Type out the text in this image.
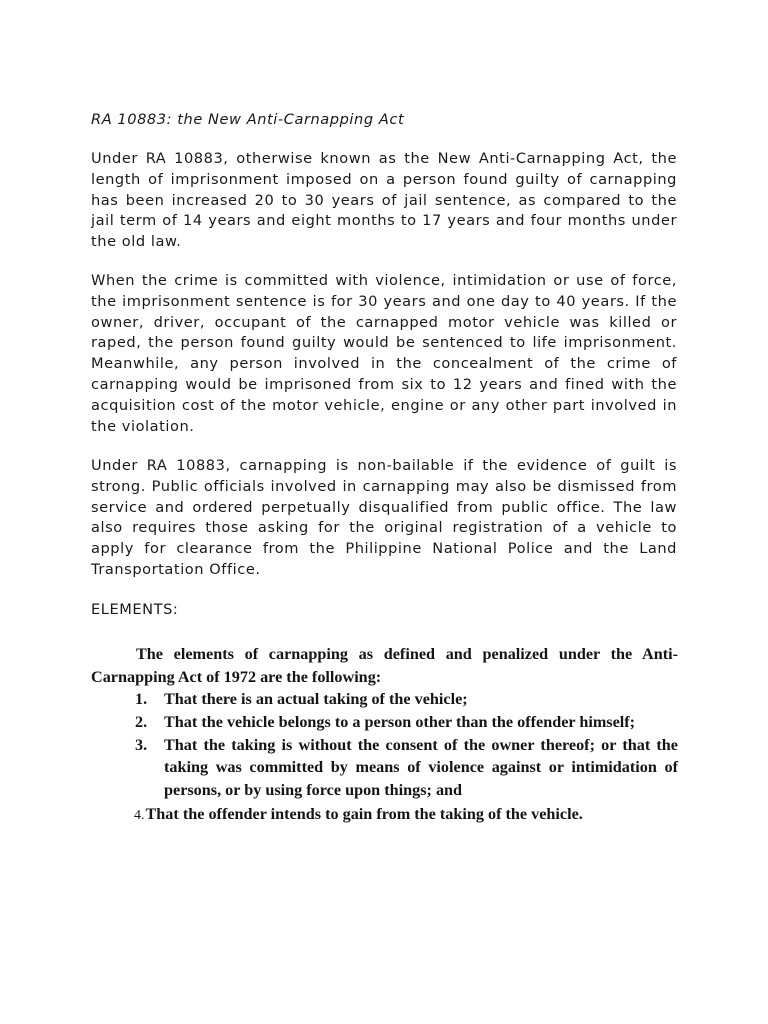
RA 10883: the New Anti-Carnapping Act

Under RA 10883, otherwise known as the New Anti-Carnapping Act, the length of imprisonment imposed on a person found guilty of carnapping has been increased 20 to 30 years of jail sentence, as compared to the jail term of 14 years and eight months to 17 years and four months under the old law.

When the crime is committed with violence, intimidation or use of force, the imprisonment sentence is for 30 years and one day to 40 years. If the owner, driver, occupant of the carnapped motor vehicle was killed or raped, the person found guilty would be sentenced to life imprisonment. Meanwhile, any person involved in the concealment of the crime of carnapping would be imprisoned from six to 12 years and fined with the acquisition cost of the motor vehicle, engine or any other part involved in the violation.

Under RA 10883, carnapping is non-bailable if the evidence of guilt is strong. Public officials involved in carnapping may also be dismissed from service and ordered perpetually disqualified from public office. The law also requires those asking for the original registration of a vehicle to apply for clearance from the Philippine National Police and the Land Transportation Office.

ELEMENTS:

The elements of carnapping as defined and penalized under the Anti-Carnapping Act of 1972 are the following:

1. That there is an actual taking of the vehicle;
2. That the vehicle belongs to a person other than the offender himself;
3. That the taking is without the consent of the owner thereof; or that the taking was committed by means of violence against or intimidation of persons, or by using force upon things; and

4.That the offender intends to gain from the taking of the vehicle.
